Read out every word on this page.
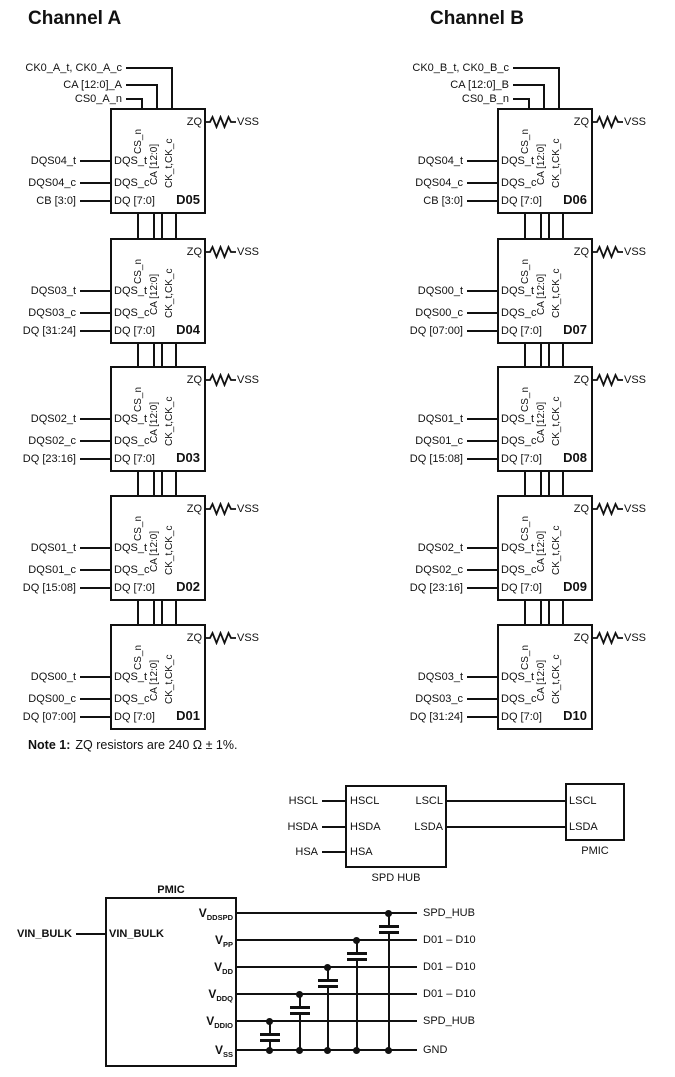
Channel A	Channel B
CK0_A_t, CK0_A_c
CA [12:0]_A
CS0_A_n
DQS_t
DQS_c
DQ [7:0] D05
ZQ
CS_n
CA [12:0] CK_t,CK_c
DQS04_t
DQS04_c
CB [3:0]
VSS
DQS_t
DQS_c
DQ [7:0] D04
ZQ
CS_n
CA [12:0] CK_t,CK_c
DQS03_t
DQS03_c
DQ [31:24]
VSS
DQS_t
DQS_c
DQ [7:0] D03
ZQ
CS_n
CA [12:0] CK_t,CK_c
DQS02_t
DQS02_c
DQ [23:16]
VSS
DQS_t
DQS_c
DQ [7:0] D02
ZQ
CS_n
CA [12:0] CK_t,CK_c
DQS01_t
DQS01_c
DQ [15:08]
VSS
DQS_t
DQS_c
DQ [7:0] D01
ZQ
CS_n
CA [12:0] CK_t,CK_c
DQS00_t
DQS00_c
DQ [07:00]
VSS
CK0_B_t, CK0_B_c
CA [12:0]_B
CS0_B_n
DQS_t
DQS_c
DQ [7:0] D06
ZQ
CS_n
CA [12:0] CK_t,CK_c
DQS04_t
DQS04_c
CB [3:0]
VSS
DQS_t
DQS_c
DQ [7:0] D07
ZQ
CS_n
CA [12:0] CK_t,CK_c
DQS00_t
DQS00_c
DQ [07:00]
VSS
DQS_t
DQS_c
DQ [7:0] D08
ZQ
CS_n
CA [12:0] CK_t,CK_c
DQS01_t
DQS01_c
DQ [15:08]
VSS
DQS_t
DQS_c
DQ [7:0] D09
ZQ
CS_n
CA [12:0] CK_t,CK_c
DQS02_t
DQS02_c
DQ [23:16]
VSS
DQS_t
DQS_c
DQ [7:0] D10
ZQ
CS_n
CA [12:0] CK_t,CK_c
DQS03_t
DQS03_c
DQ [31:24]
VSS
Note 1: ZQ resistors are 240 Ω ± 1%.
HSCL
HSDA
HSA
HSCL
HSDA
HSA
LSCL
LSDA
SPD HUB
LSCL
LSDA
PMIC
PMIC
VIN_BULK	VIN_BULK
$V_{DDSPD}$	SPD_HUB
$V_{PP}$	D01 – D10
$V_{DD}$	D01 – D10
$V_{DDQ}$	D01 – D10
$V_{DDIO}$	SPD_HUB
$V_{SS}$	GND
